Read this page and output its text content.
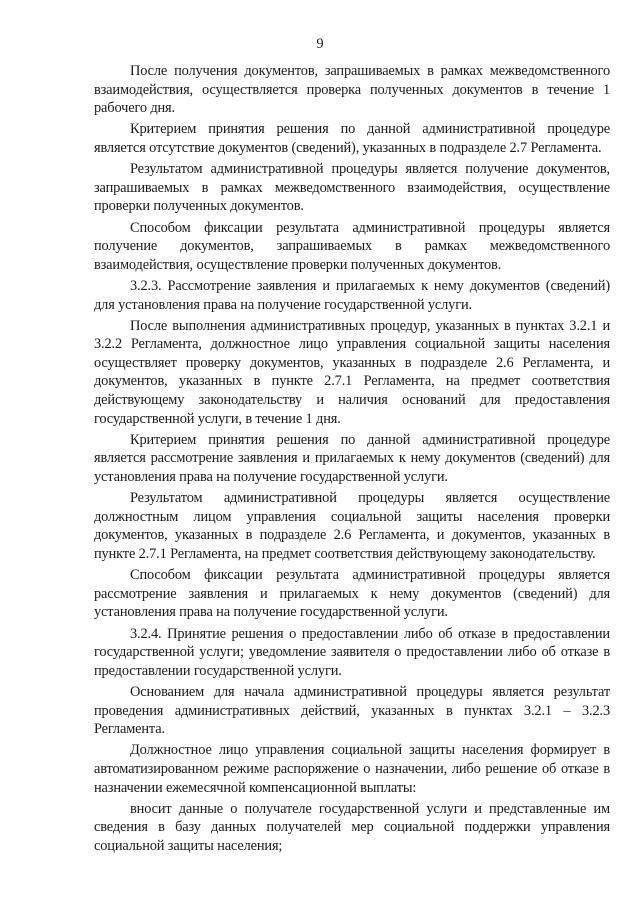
9

После получения документов, запрашиваемых в рамках межведомственного взаимодействия, осуществляется проверка полученных документов в течение 1 рабочего дня.

Критерием принятия решения по данной административной процедуре является отсутствие документов (сведений), указанных в подразделе 2.7 Регламента.

Результатом административной процедуры является получение документов, запрашиваемых в рамках межведомственного взаимодействия, осуществление проверки полученных документов.

Способом фиксации результата административной процедуры является получение документов, запрашиваемых в рамках межведомственного взаимодействия, осуществление проверки полученных документов.

3.2.3. Рассмотрение заявления и прилагаемых к нему документов (сведений) для установления права на получение государственной услуги.

После выполнения административных процедур, указанных в пунктах 3.2.1 и 3.2.2 Регламента, должностное лицо управления социальной защиты населения осуществляет проверку документов, указанных в подразделе 2.6 Регламента, и документов, указанных в пункте 2.7.1 Регламента, на предмет соответствия действующему законодательству и наличия оснований для предоставления государственной услуги, в течение 1 дня.

Критерием принятия решения по данной административной процедуре является рассмотрение заявления и прилагаемых к нему документов (сведений) для установления права на получение государственной услуги.

Результатом административной процедуры является осуществление должностным лицом управления социальной защиты населения проверки документов, указанных в подразделе 2.6 Регламента, и документов, указанных в пункте 2.7.1 Регламента, на предмет соответствия действующему законодательству.

Способом фиксации результата административной процедуры является рассмотрение заявления и прилагаемых к нему документов (сведений) для установления права на получение государственной услуги.

3.2.4. Принятие решения о предоставлении либо об отказе в предоставлении государственной услуги; уведомление заявителя о предоставлении либо об отказе в предоставлении государственной услуги.

Основанием для начала административной процедуры является результат проведения административных действий, указанных в пунктах 3.2.1 – 3.2.3 Регламента.

Должностное лицо управления социальной защиты населения формирует в автоматизированном режиме распоряжение о назначении, либо решение об отказе в назначении ежемесячной компенсационной выплаты:

вносит данные о получателе государственной услуги и представленные им сведения в базу данных получателей мер социальной поддержки управления социальной защиты населения;
